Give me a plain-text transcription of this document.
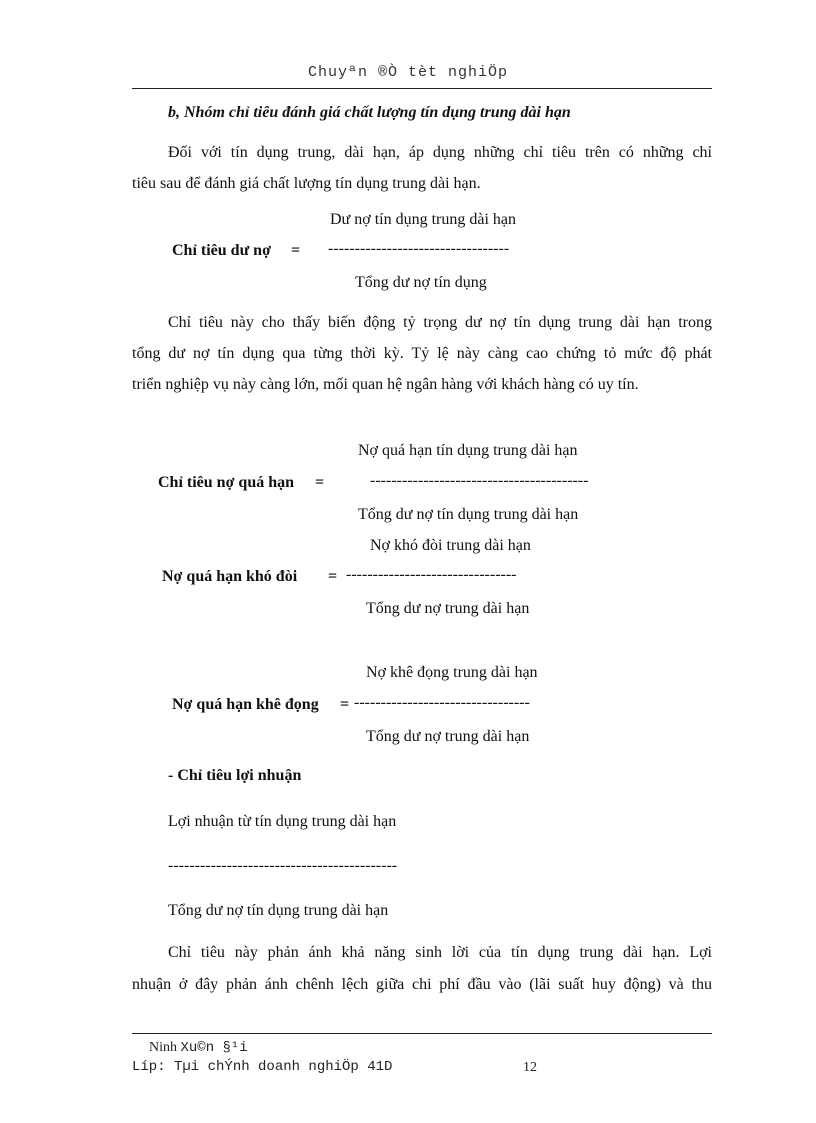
Chuyªn ®Ò tèt nghiÖp
b, Nhóm chỉ tiêu đánh giá chất lượng tín dụng trung dài hạn
Đối với tín dụng trung, dài hạn, áp dụng những chỉ tiêu trên có những chỉ
tiêu sau để đánh giá chất lượng tín dụng trung dài hạn.
Dư nợ tín dụng trung dài hạn
Chỉ tiêu dư nợ = ----------------------------------
Tổng dư nợ tín dụng
Chỉ tiêu này cho thấy biến động tỷ trọng dư nợ tín dụng trung dài hạn trong
tổng dư nợ tín dụng qua từng thời kỳ. Tỷ lệ này càng cao chứng tỏ mức độ phát
triển nghiệp vụ này càng lớn, mối quan hệ ngân hàng với khách hàng có uy tín.
Nợ quá hạn tín dụng trung dài hạn
Chỉ tiêu nợ quá hạn =	-----------------------------------------
Tổng dư nợ tín dụng trung dài hạn
Nợ khó đòi trung dài hạn
Nợ quá hạn khó đòi = --------------------------------
Tổng dư nợ trung dài hạn
Nợ khê đọng trung dài hạn
Nợ quá hạn khê đọng = ---------------------------------
Tổng dư nợ trung dài hạn
- Chỉ tiêu lợi nhuận
Lợi nhuận từ tín dụng trung dài hạn
-------------------------------------------
Tổng dư nợ tín dụng trung dài hạn
Chỉ tiêu này phản ánh khả năng sinh lời của tín dụng trung dài hạn. Lợi
nhuận ở đây phản ánh chênh lệch giữa chi phí đầu vào (lãi suất huy động) và thu
Ninh Xu©n §¹i
Líp: Tµi chÝnh doanh nghiÖp 41D	12
